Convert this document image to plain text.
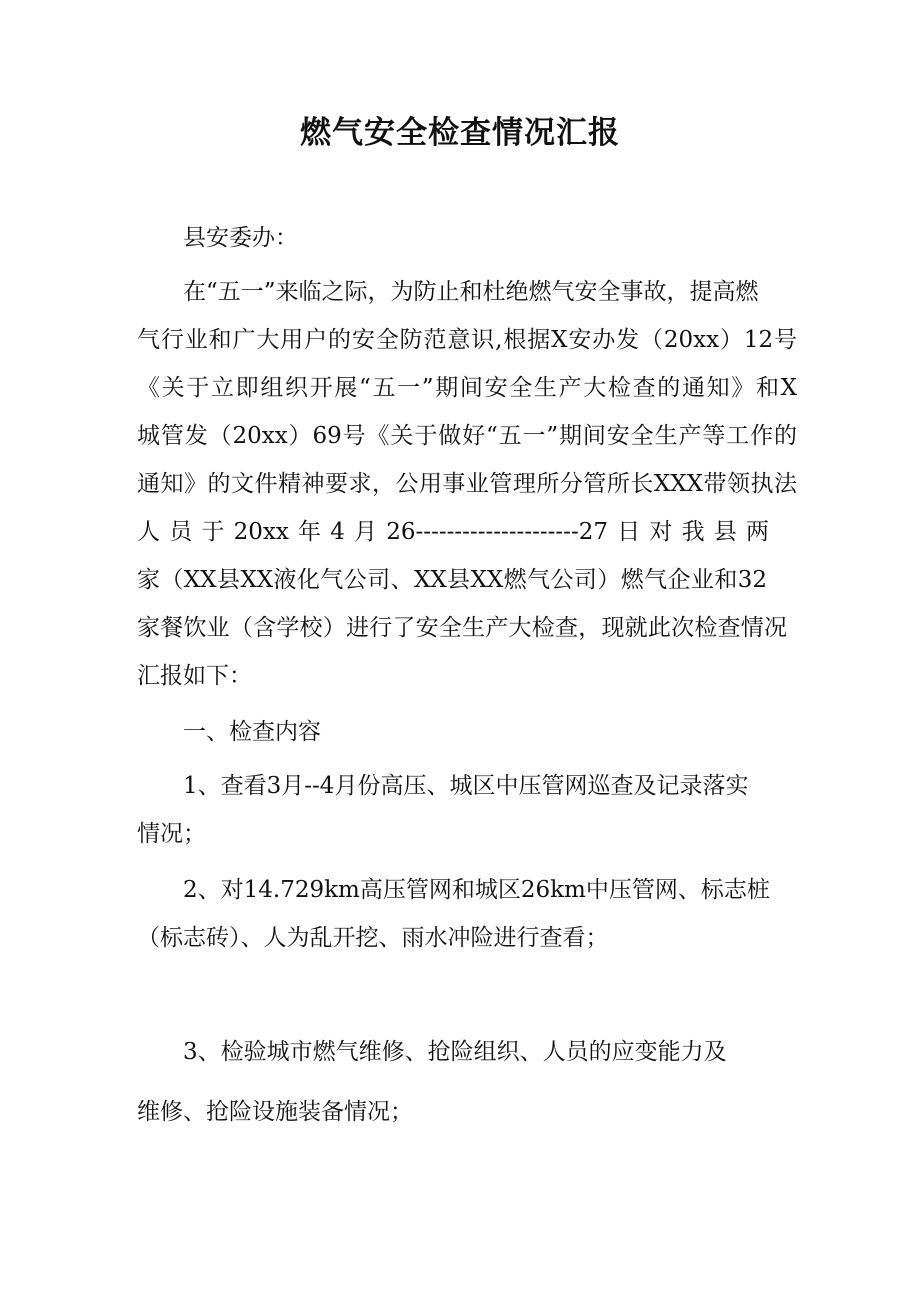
燃气安全检查情况汇报
县安委办：
在“五一”来临之际，为防止和杜绝燃气安全事故，提高燃
气行业和广大用户的安全防范意识,根据X安办发（20xx）12号
《关于立即组织开展“五一”期间安全生产大检查的通知》和X
城管发（20xx）69号《关于做好“五一”期间安全生产等工作的
通知》的文件精神要求，公用事业管理所分管所长XXX带领执法
人员于20xx年4月26---------------------27日对我县两
家（XX县XX液化气公司、XX县XX燃气公司）燃气企业和32
家餐饮业（含学校）进行了安全生产大检查，现就此次检查情况
汇报如下：
一、检查内容
1、查看3月--4月份高压、城区中压管网巡查及记录落实
情况；
2、对14.729km高压管网和城区26km中压管网、标志桩
（标志砖）、人为乱开挖、雨水冲险进行查看；
3、检验城市燃气维修、抢险组织、人员的应变能力及
维修、抢险设施装备情况；
